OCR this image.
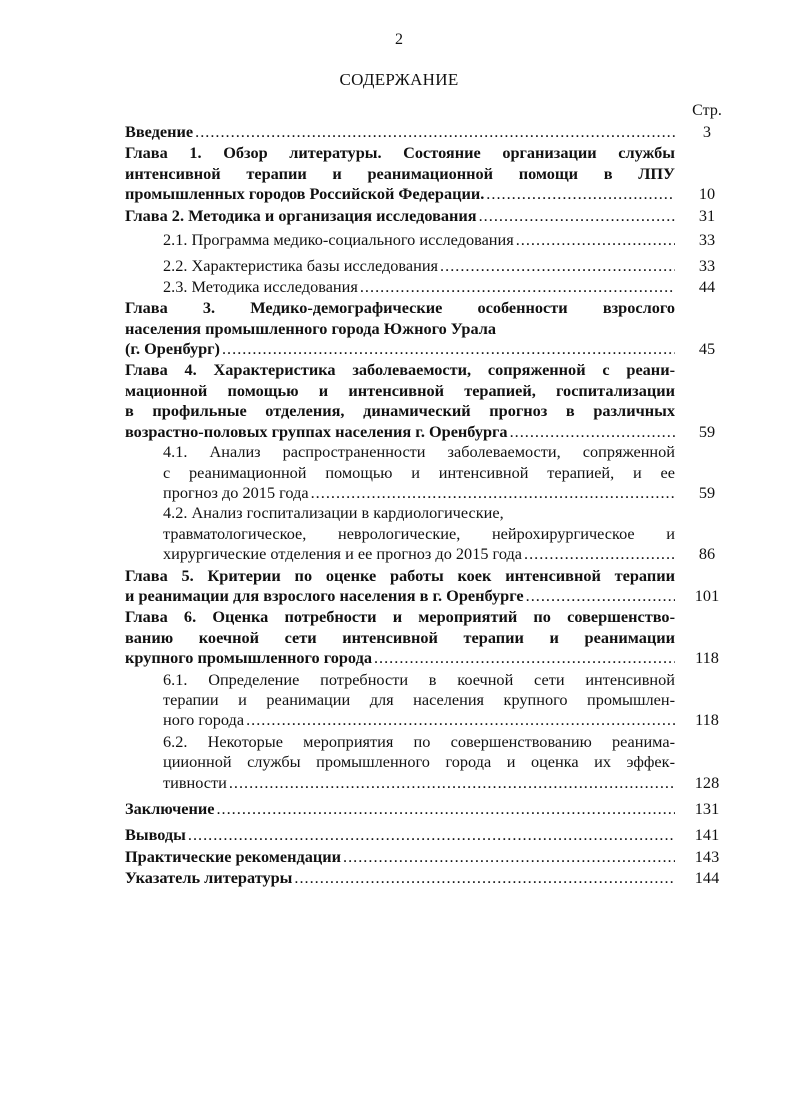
2
СОДЕРЖАНИЕ
Стр.
Введение .....	3
Глава 1. Обзор литературы. Состояние организации службы
интенсивной терапии и реанимационной помощи в ЛПУ
промышленных городов Российской Федерации. .....	10
Глава 2. Методика и организация исследования .....	31
2.1. Программа медико-социального исследования .....	33
2.2. Характеристика базы исследования .....	33
2.3. Методика исследования .....	44
Глава 3. Медико-демографические особенности взрослого
населения промышленного города Южного Урала
(г. Оренбург) .....	45
Глава 4. Характеристика заболеваемости, сопряженной с реани-
мационной помощью и интенсивной терапией, госпитализации
в профильные отделения, динамический прогноз в различных
возрастно-половых группах населения г. Оренбурга .....	59
4.1. Анализ распространенности заболеваемости, сопряженной
с реанимационной помощью и интенсивной терапией, и ее
прогноз до 2015 года .....	59
4.2. Анализ госпитализации в кардиологические,
травматологическое, неврологические, нейрохирургическое и
хирургические отделения и ее прогноз до 2015 года .....	86
Глава 5. Критерии по оценке работы коек интенсивной терапии
и реанимации для взрослого населения в г. Оренбурге .....	101
Глава 6. Оценка потребности и мероприятий по совершенство-
ванию коечной сети интенсивной терапии и реанимации
крупного промышленного города .....	118
6.1. Определение потребности в коечной сети интенсивной
терапии и реанимации для населения крупного промышлен-
ного города .....	118
6.2. Некоторые мероприятия по совершенствованию реанима-
циионной службы промышленного города и оценка их эффек-
тивности .....	128
Заключение .....	131
Выводы .....	141
Практические рекомендации .....	143
Указатель литературы .....	144
